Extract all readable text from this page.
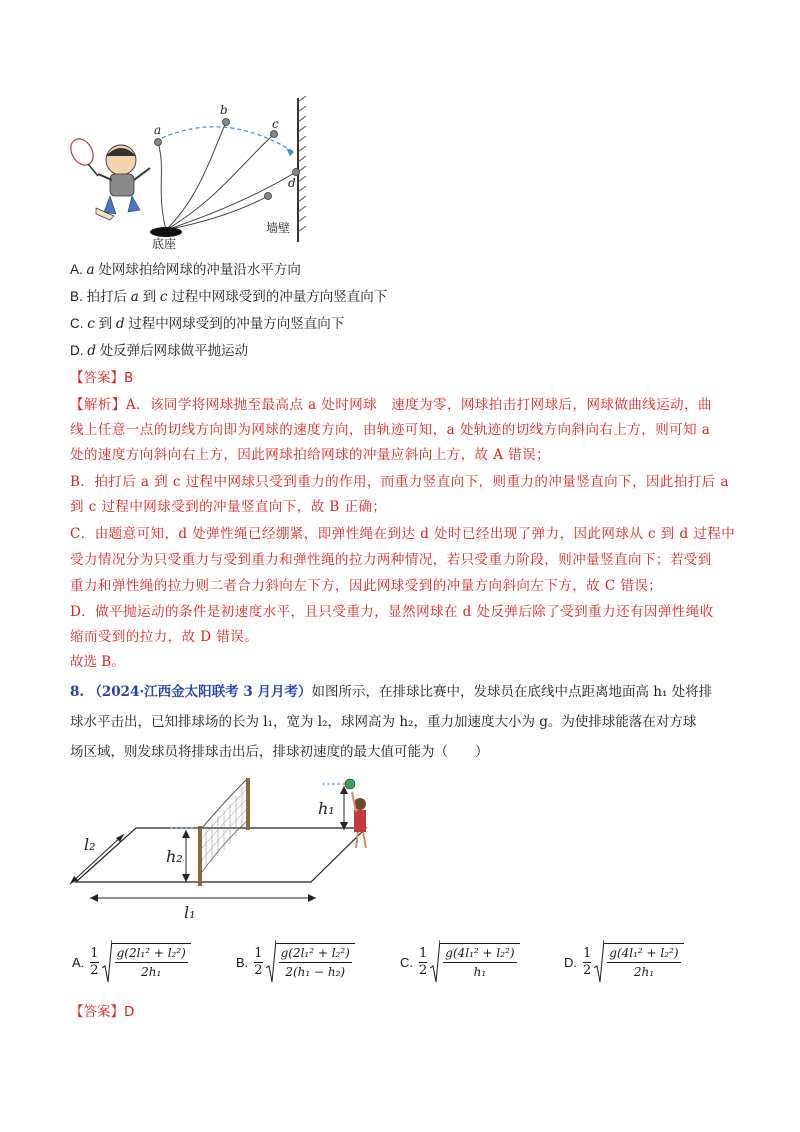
a
b
c
d
底座
墙壁
A. a 处网球拍给网球的冲量沿水平方向
B. 拍打后 a 到 c 过程中网球受到的冲量方向竖直向下
C. c 到 d 过程中网球受到的冲量方向竖直向下
D. d 处反弹后网球做平抛运动
【答案】B
【解析】A．该同学将网球抛至最高点 a 处时网球　速度为零，网球拍击打网球后，网球做曲线运动，曲
线上任意一点的切线方向即为网球的速度方向，由轨迹可知，a 处轨迹的切线方向斜向右上方，则可知 a
处的速度方向斜向右上方，因此网球拍给网球的冲量应斜向上方，故 A 错误；
B．拍打后 a 到 c 过程中网球只受到重力的作用，而重力竖直向下，则重力的冲量竖直向下，因此拍打后 a
到 c 过程中网球受到的冲量竖直向下，故 B 正确；
C．由题意可知，d 处弹性绳已经绷紧，即弹性绳在到达 d 处时已经出现了弹力，因此网球从 c 到 d 过程中
受力情况分为只受重力与受到重力和弹性绳的拉力两种情况，若只受重力阶段，则冲量竖直向下；若受到
重力和弹性绳的拉力则二者合力斜向左下方，因此网球受到的冲量方向斜向左下方，故 C 错误；
D．做平抛运动的条件是初速度水平，且只受重力，显然网球在 d 处反弹后除了受到重力还有因弹性绳收
缩而受到的拉力，故 D 错误。
故选 B。
8. （2024·江西金太阳联考 3 月月考）如图所示，在排球比赛中，发球员在底线中点距离地面高 h₁ 处将排
球水平击出，已知排球场的长为 l₁，宽为 l₂，球网高为 h₂，重力加速度大小为 g。为使排球能落在对方球
场区域，则发球员将排球击出后，排球初速度的最大值可能为（　　）
l₂
h₂
h₁
l₁
A. $\frac{1}{2} g(2l_1^2 + l_2^2)$
2h₁
B. $\frac{1}{2} g(2l_1^2 + l_2^2)$
2(h₁ − h₂)
C. $\frac{1}{2} g(4l_1^2 + l_2^2)$
h₁
D. $\frac{1}{2} g(4l_1^2 + l_2^2)$
2h₁
【答案】D
